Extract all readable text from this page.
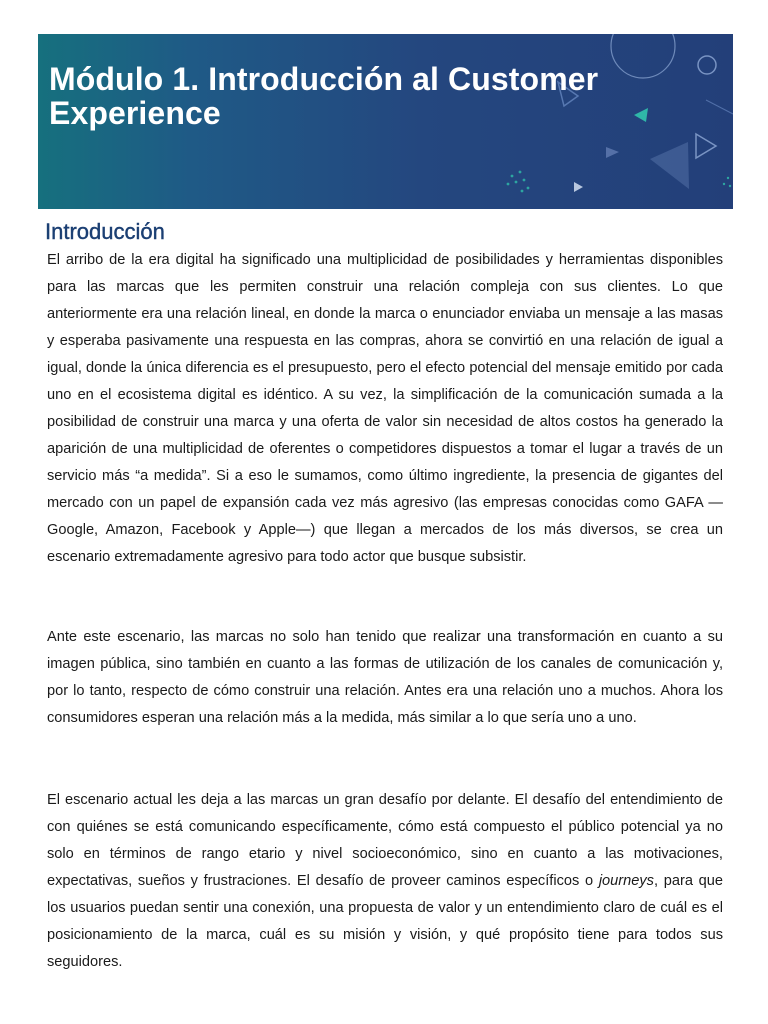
Módulo 1. Introducción al Customer Experience
Introducción

El arribo de la era digital ha significado una multiplicidad de posibilidades y herramientas disponibles para las marcas que les permiten construir una relación compleja con sus clientes. Lo que anteriormente era una relación lineal, en donde la marca o enunciador enviaba un mensaje a las masas y esperaba pasivamente una respuesta en las compras, ahora se convirtió en una relación de igual a igual, donde la única diferencia es el presupuesto, pero el efecto potencial del mensaje emitido por cada uno en el ecosistema digital es idéntico. A su vez, la simplificación de la comunicación sumada a la posibilidad de construir una marca y una oferta de valor sin necesidad de altos costos ha generado la aparición de una multiplicidad de oferentes o competidores dispuestos a tomar el lugar a través de un servicio más “a medida”. Si a eso le sumamos, como último ingrediente, la presencia de gigantes del mercado con un papel de expansión cada vez más agresivo (las empresas conocidas como GAFA —Google, Amazon, Facebook y Apple—) que llegan a mercados de los más diversos, se crea un escenario extremadamente agresivo para todo actor que busque subsistir.

Ante este escenario, las marcas no solo han tenido que realizar una transformación en cuanto a su imagen pública, sino también en cuanto a las formas de utilización de los canales de comunicación y, por lo tanto, respecto de cómo construir una relación. Antes era una relación uno a muchos. Ahora los consumidores esperan una relación más a la medida, más similar a lo que sería uno a uno.

El escenario actual les deja a las marcas un gran desafío por delante. El desafío del entendimiento de con quiénes se está comunicando específicamente, cómo está compuesto el público potencial ya no solo en términos de rango etario y nivel socioeconómico, sino en cuanto a las motivaciones, expectativas, sueños y frustraciones. El desafío de proveer caminos específicos o journeys, para que los usuarios puedan sentir una conexión, una propuesta de valor y un entendimiento claro de cuál es el posicionamiento de la marca, cuál es su misión y visión, y qué propósito tiene para todos sus seguidores.
